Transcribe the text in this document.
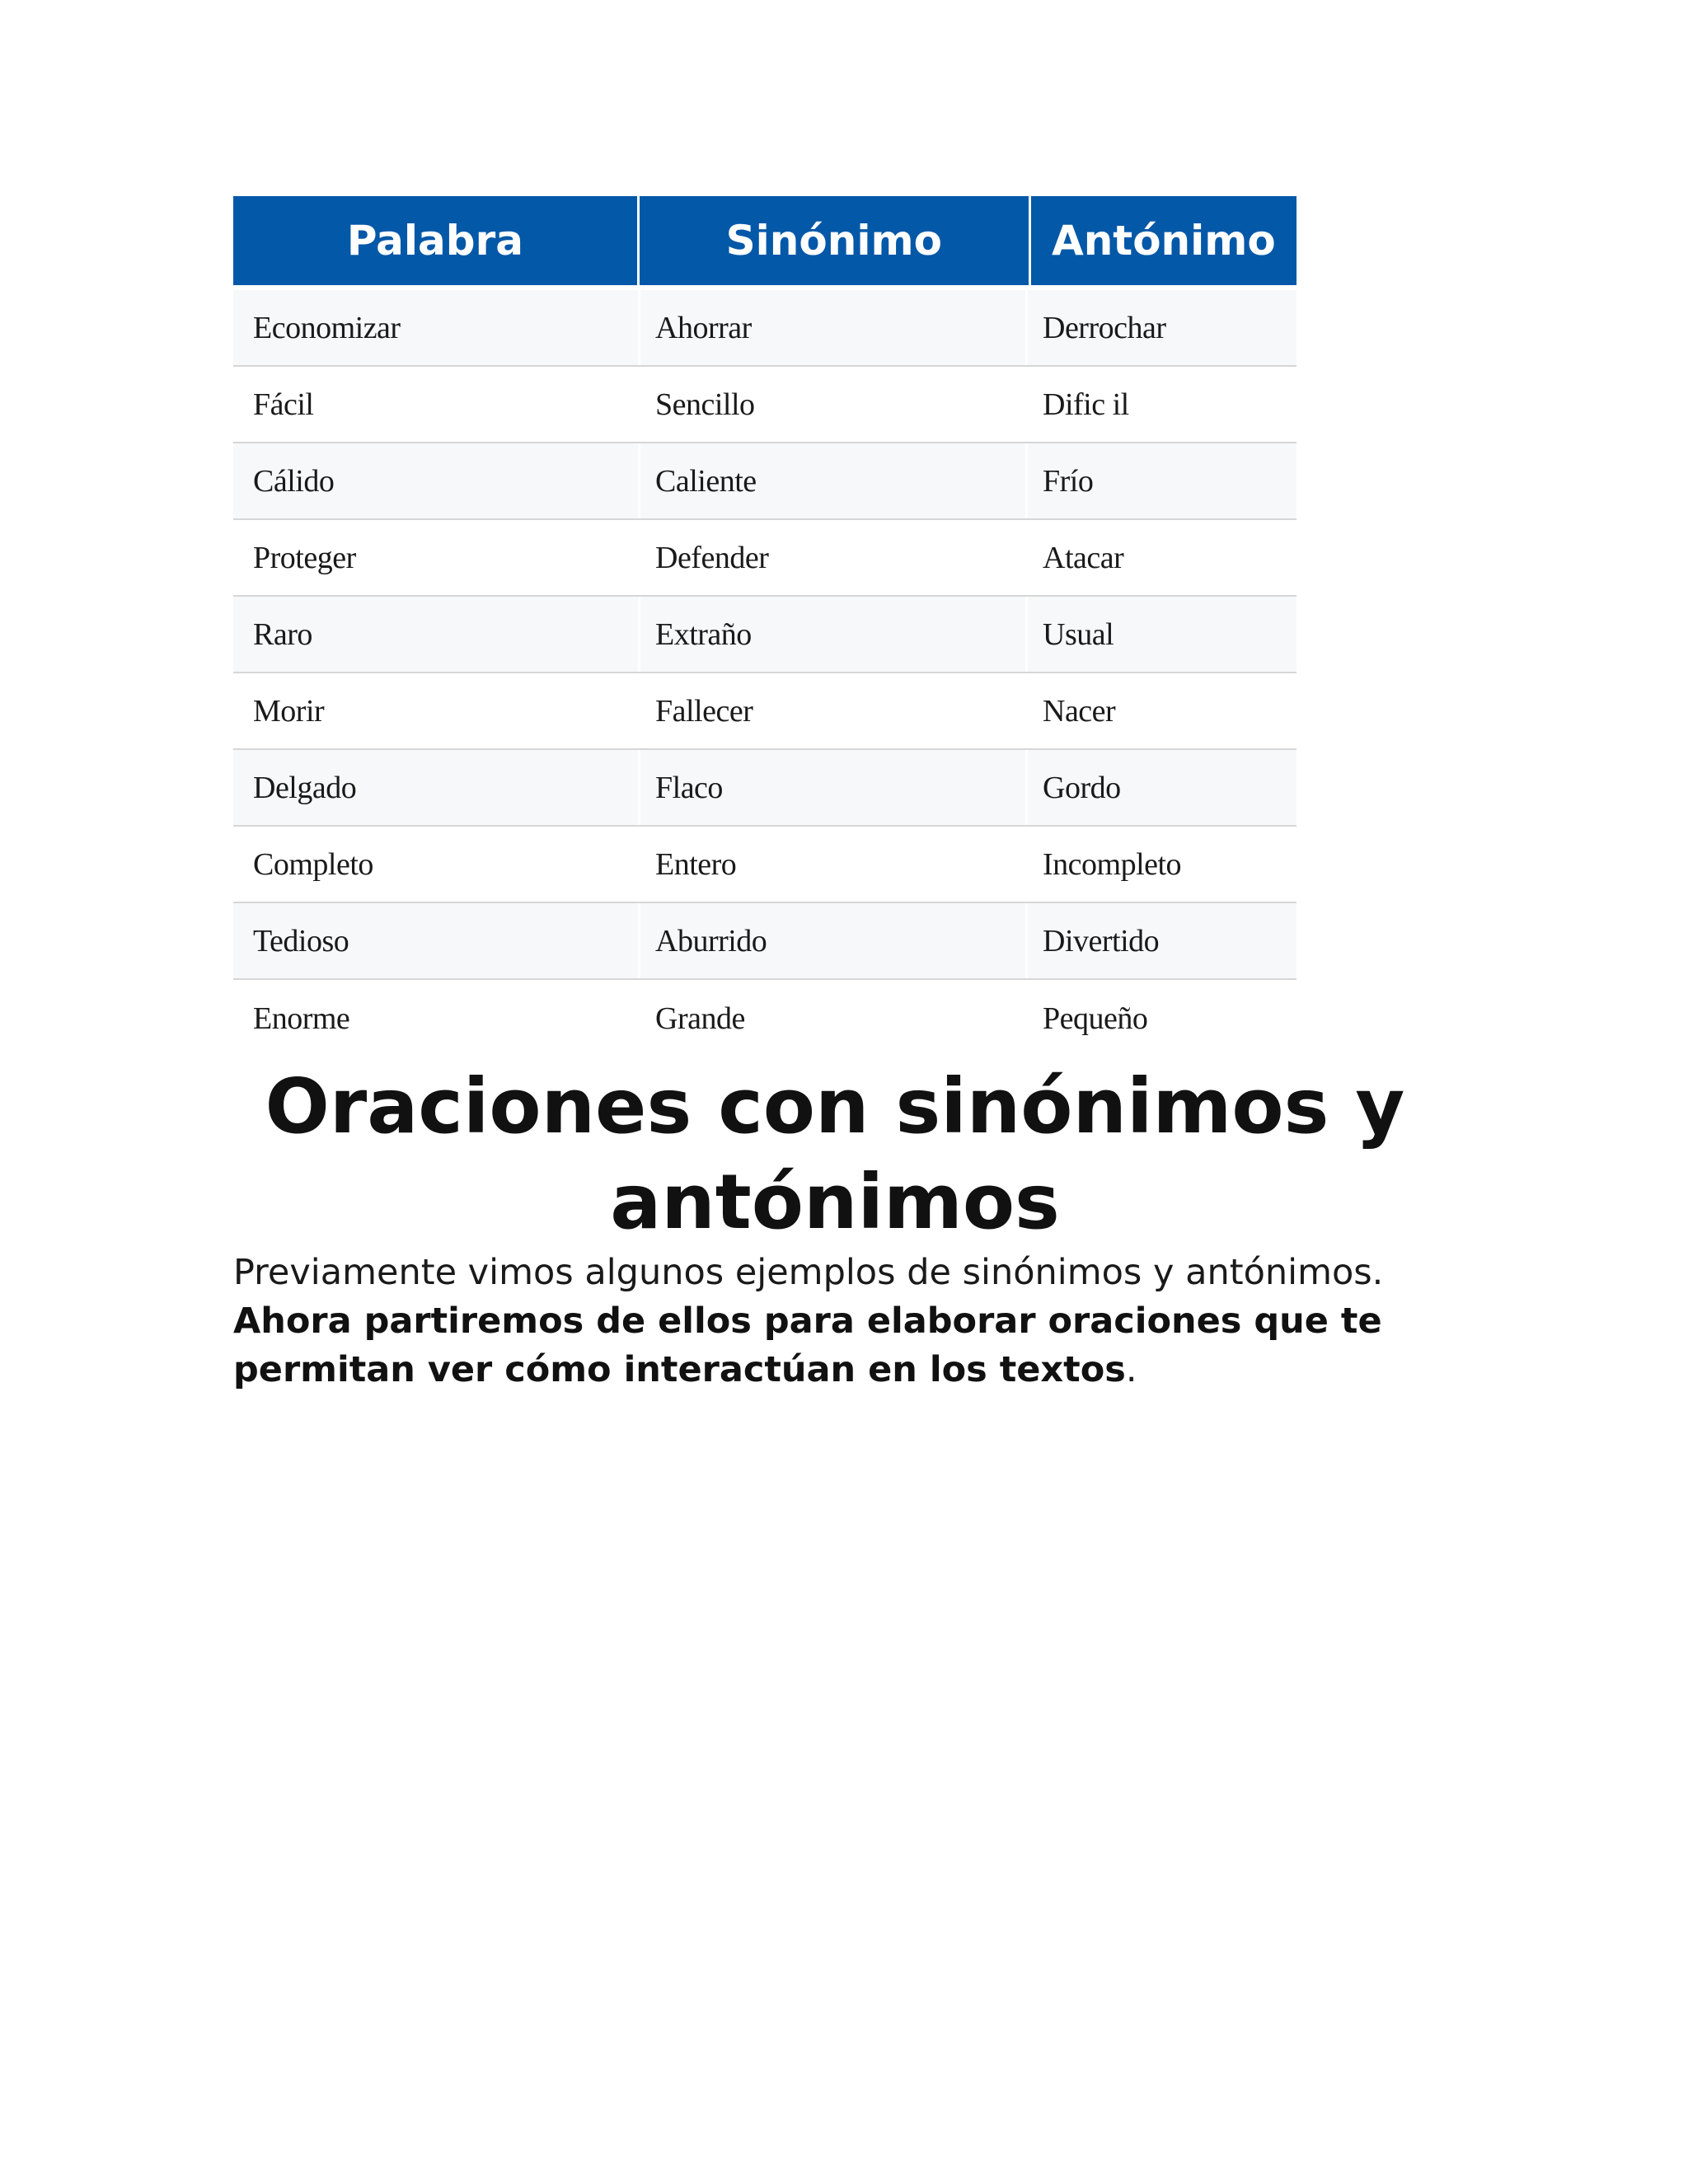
Palabra	Sinónimo	Antónimo
Economizar	Ahorrar	Derrochar
Fácil	Sencillo	Dific il
Cálido	Caliente	Frío
Proteger	Defender	Atacar
Raro	Extraño	Usual
Morir	Fallecer	Nacer
Delgado	Flaco	Gordo
Completo	Entero	Incompleto
Tedioso	Aburrido	Divertido
Enorme	Grande	Pequeño
Oraciones con sinónimos y
antónimos

Previamente vimos algunos ejemplos de sinónimos y antónimos. Ahora partiremos de ellos para elaborar oraciones que te permitan ver cómo interactúan en los textos.
